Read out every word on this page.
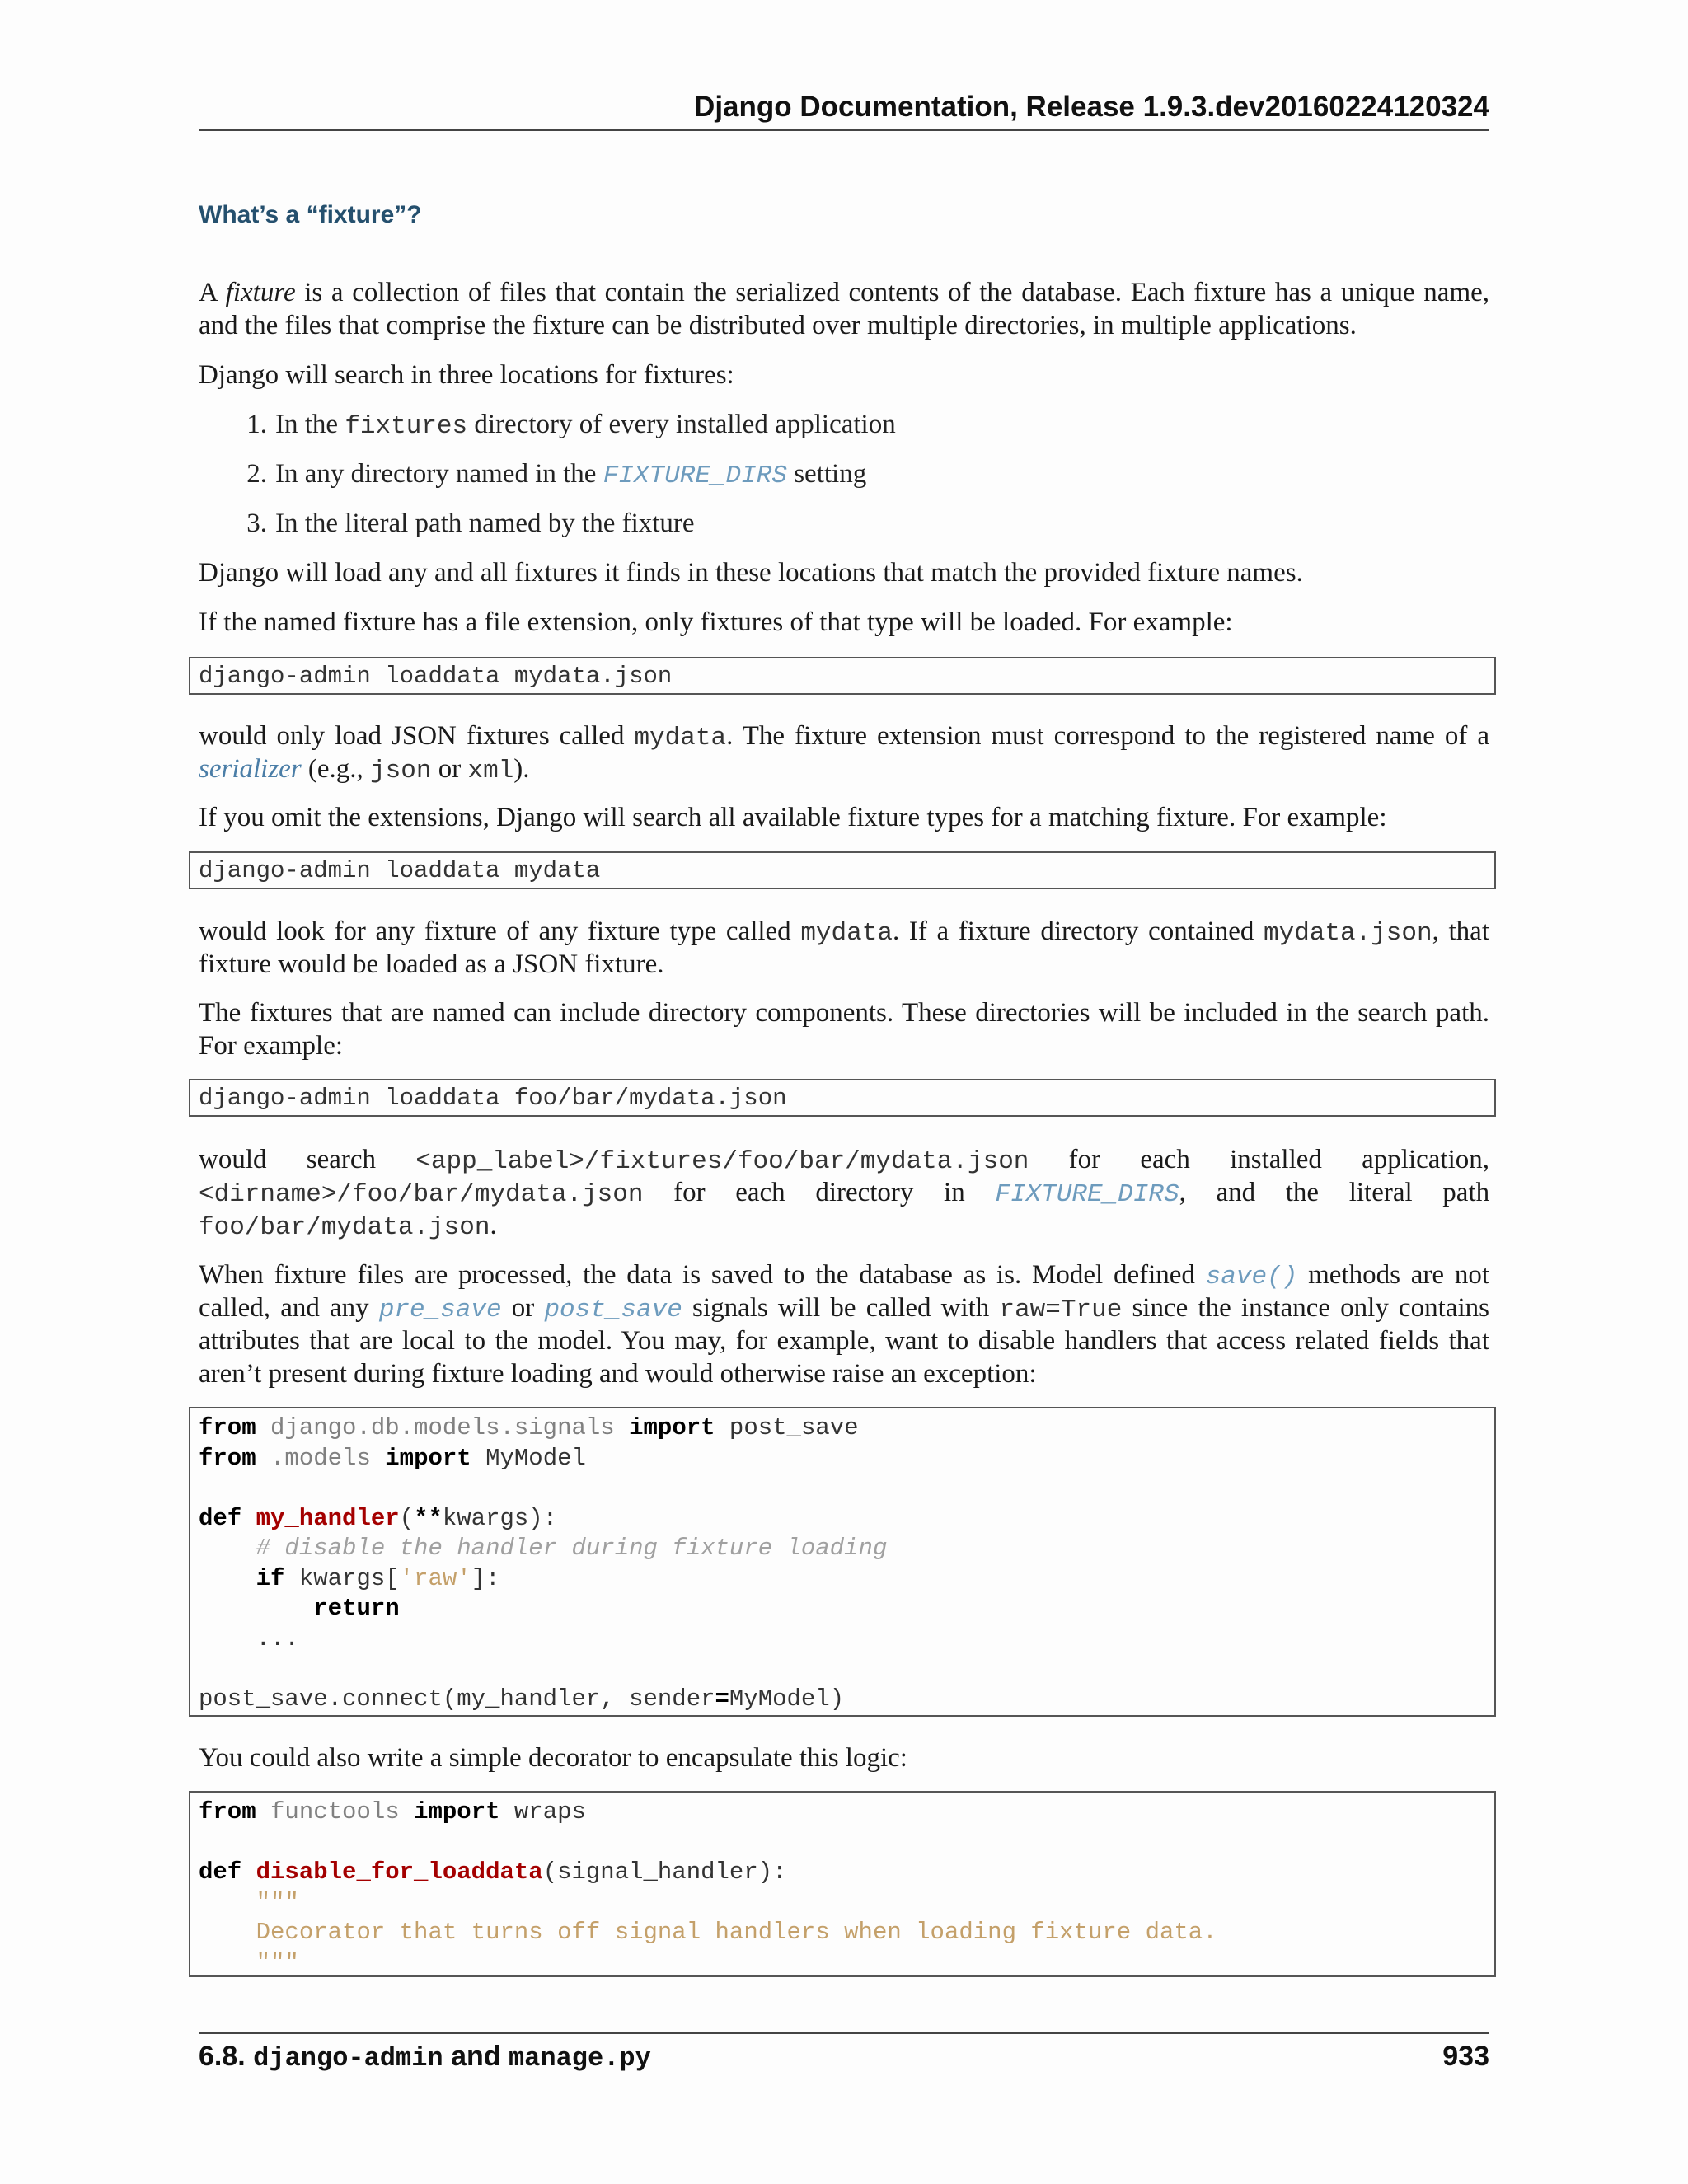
Django Documentation, Release 1.9.3.dev20160224120324
What’s a “fixture”?
A fixture is a collection of files that contain the serialized contents of the database. Each fixture has a unique name,
and the files that comprise the fixture can be distributed over multiple directories, in multiple applications.
Django will search in three locations for fixtures:
1. In the fixtures directory of every installed application
2. In any directory named in the FIXTURE_DIRS setting
3. In the literal path named by the fixture
Django will load any and all fixtures it finds in these locations that match the provided fixture names.
If the named fixture has a file extension, only fixtures of that type will be loaded. For example:
django-admin loaddata mydata.json
would only load JSON fixtures called mydata. The fixture extension must correspond to the registered name of a
serializer (e.g., json or xml).
If you omit the extensions, Django will search all available fixture types for a matching fixture. For example:
django-admin loaddata mydata
would look for any fixture of any fixture type called mydata. If a fixture directory contained mydata.json, that
fixture would be loaded as a JSON fixture.
The fixtures that are named can include directory components. These directories will be included in the search path.
For example:
django-admin loaddata foo/bar/mydata.json
would search <app_label>/fixtures/foo/bar/mydata.json for each installed application,
<dirname>/foo/bar/mydata.json for each directory in FIXTURE_DIRS, and the literal path
foo/bar/mydata.json.
When fixture files are processed, the data is saved to the database as is. Model defined save() methods are not
called, and any pre_save or post_save signals will be called with raw=True since the instance only contains
attributes that are local to the model. You may, for example, want to disable handlers that access related fields that
aren’t present during fixture loading and would otherwise raise an exception:
from django.db.models.signals import post_save
from .models import MyModel
def my_handler(**kwargs):
# disable the handler during fixture loading
if kwargs['raw']:
return
...
post_save.connect(my_handler, sender=MyModel)
You could also write a simple decorator to encapsulate this logic:
from functools import wraps
def disable_for_loaddata(signal_handler):
"""
Decorator that turns off signal handlers when loading fixture data.
"""
6.8. django-admin and manage.py	933
